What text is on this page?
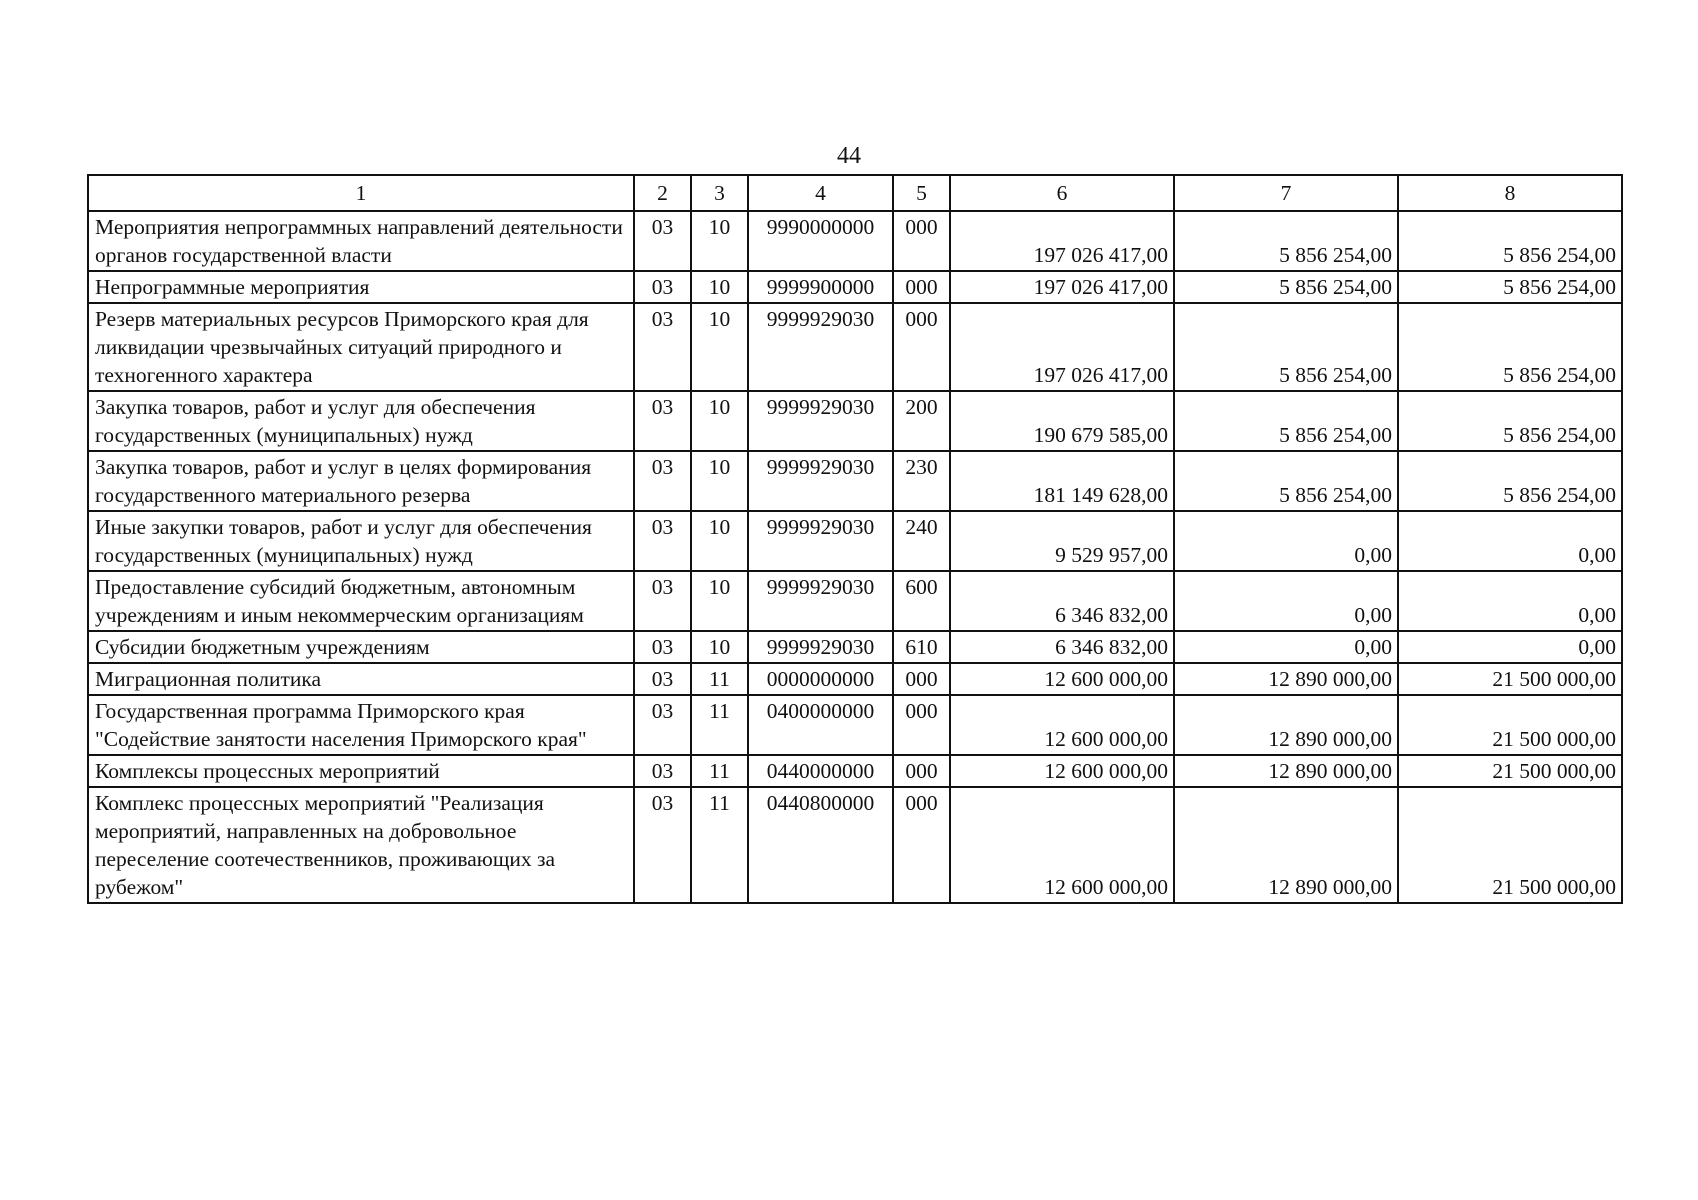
44
1	2	3	4	5	6	7	8
Мероприятия непрограммных направлений деятельности органов государственной власти	03	10	9990000000	000	197 026 417,00	5 856 254,00	5 856 254,00
Непрограммные мероприятия	03	10	9999900000	000	197 026 417,00	5 856 254,00	5 856 254,00
Резерв материальных ресурсов Приморского края для ликвидации чрезвычайных ситуаций природного и техногенного характера	03	10	9999929030	000	197 026 417,00	5 856 254,00	5 856 254,00
Закупка товаров, работ и услуг для обеспечения государственных (муниципальных) нужд	03	10	9999929030	200	190 679 585,00	5 856 254,00	5 856 254,00
Закупка товаров, работ и услуг в целях формирования государственного материального резерва	03	10	9999929030	230	181 149 628,00	5 856 254,00	5 856 254,00
Иные закупки товаров, работ и услуг для обеспечения государственных (муниципальных) нужд	03	10	9999929030	240	9 529 957,00	0,00	0,00
Предоставление субсидий бюджетным, автономным учреждениям и иным некоммерческим организациям	03	10	9999929030	600	6 346 832,00	0,00	0,00
Субсидии бюджетным учреждениям	03	10	9999929030	610	6 346 832,00	0,00	0,00
Миграционная политика	03	11	0000000000	000	12 600 000,00	12 890 000,00	21 500 000,00
Государственная программа Приморского края "Содействие занятости населения Приморского края"	03	11	0400000000	000	12 600 000,00	12 890 000,00	21 500 000,00
Комплексы процессных мероприятий	03	11	0440000000	000	12 600 000,00	12 890 000,00	21 500 000,00
Комплекс процессных мероприятий "Реализация мероприятий, направленных на добровольное переселение соотечественников, проживающих за рубежом"	03	11	0440800000	000	12 600 000,00	12 890 000,00	21 500 000,00
